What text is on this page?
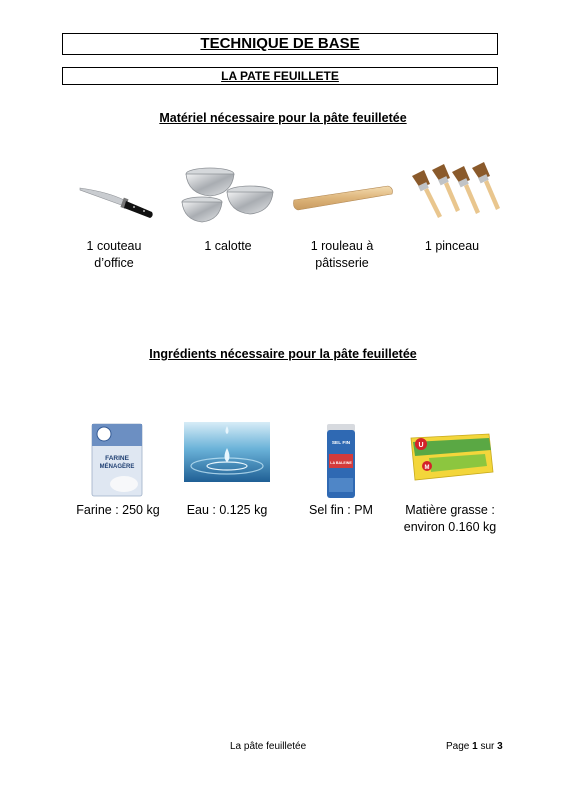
TECHNIQUE DE BASE
LA PATE FEUILLETE
Matériel nécessaire pour la pâte feuilletée
1 couteau
d’office
1 calotte	1 rouleau à
pâtisserie
1 pinceau
Ingrédients nécessaire pour la pâte feuilletée
FARINE
MÉNAGÈRE
Farine : 250 kg	Eau : 0.125 kg
SEL FIN
LA BALEINE
Sel fin : PM
U
M
Matière grasse :
environ 0.160 kg
La pâte feuilletée	Page 1 sur 3
